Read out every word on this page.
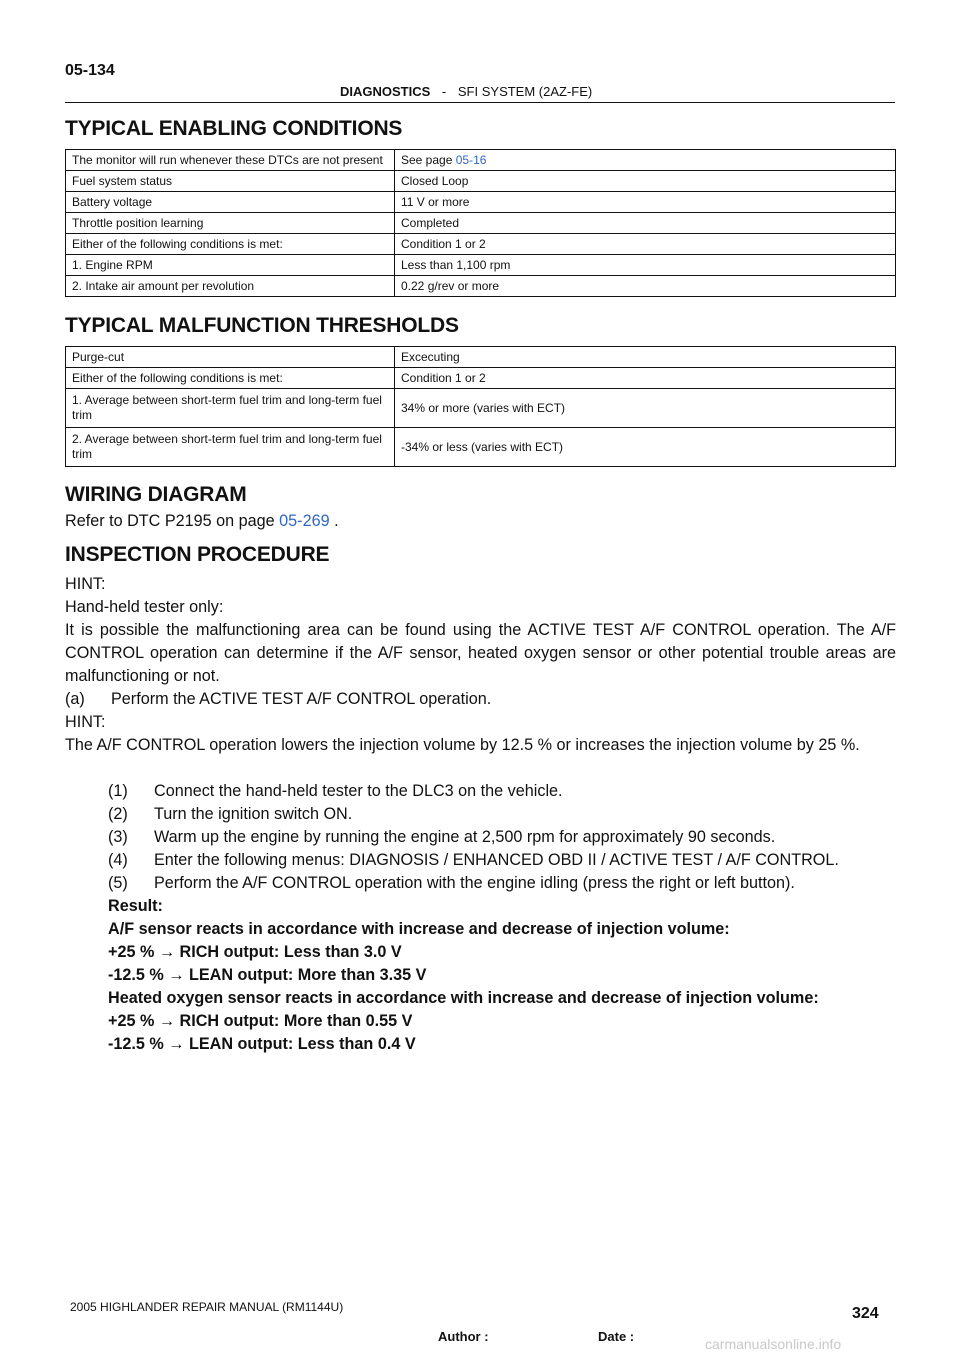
05-134
DIAGNOSTICS - SFI SYSTEM (2AZ-FE)
TYPICAL ENABLING CONDITIONS
The monitor will run whenever these DTCs are not present	See page 05-16
Fuel system status	Closed Loop
Battery voltage	11 V or more
Throttle position learning	Completed
Either of the following conditions is met:	Condition 1 or 2
1. Engine RPM	Less than 1,100 rpm
2. Intake air amount per revolution	0.22 g/rev or more
TYPICAL MALFUNCTION THRESHOLDS
Purge-cut	Excecuting
Either of the following conditions is met:	Condition 1 or 2
1. Average between short-term fuel trim and long-term fuel
trim	34% or more (varies with ECT)
2. Average between short-term fuel trim and long-term fuel
trim	-34% or less (varies with ECT)
WIRING DIAGRAM
Refer to DTC P2195 on page 05-269 .
INSPECTION PROCEDURE
HINT:
Hand-held tester only:
It is possible the malfunctioning area can be found using the ACTIVE TEST A/F CONTROL operation. The A/F CONTROL operation can determine if the A/F sensor, heated oxygen sensor or other potential trouble areas are malfunctioning or not.
(a) Perform the ACTIVE TEST A/F CONTROL operation.
HINT:
The A/F CONTROL operation lowers the injection volume by 12.5 % or increases the injection volume by 25 %.
(1) Connect the hand-held tester to the DLC3 on the vehicle.
(2) Turn the ignition switch ON.
(3) Warm up the engine by running the engine at 2,500 rpm for approximately 90 seconds.
(4) Enter the following menus: DIAGNOSIS / ENHANCED OBD II / ACTIVE TEST / A/F CONTROL.
(5) Perform the A/F CONTROL operation with the engine idling (press the right or left button).
Result:
A/F sensor reacts in accordance with increase and decrease of injection volume:
+25 % → RICH output: Less than 3.0 V
-12.5 % → LEAN output: More than 3.35 V
Heated oxygen sensor reacts in accordance with increase and decrease of injection volume:
+25 % → RICH output: More than 0.55 V
-12.5 % → LEAN output: Less than 0.4 V
2005 HIGHLANDER REPAIR MANUAL (RM1144U)	324
Author :	Date :	carmanualsonline.info
